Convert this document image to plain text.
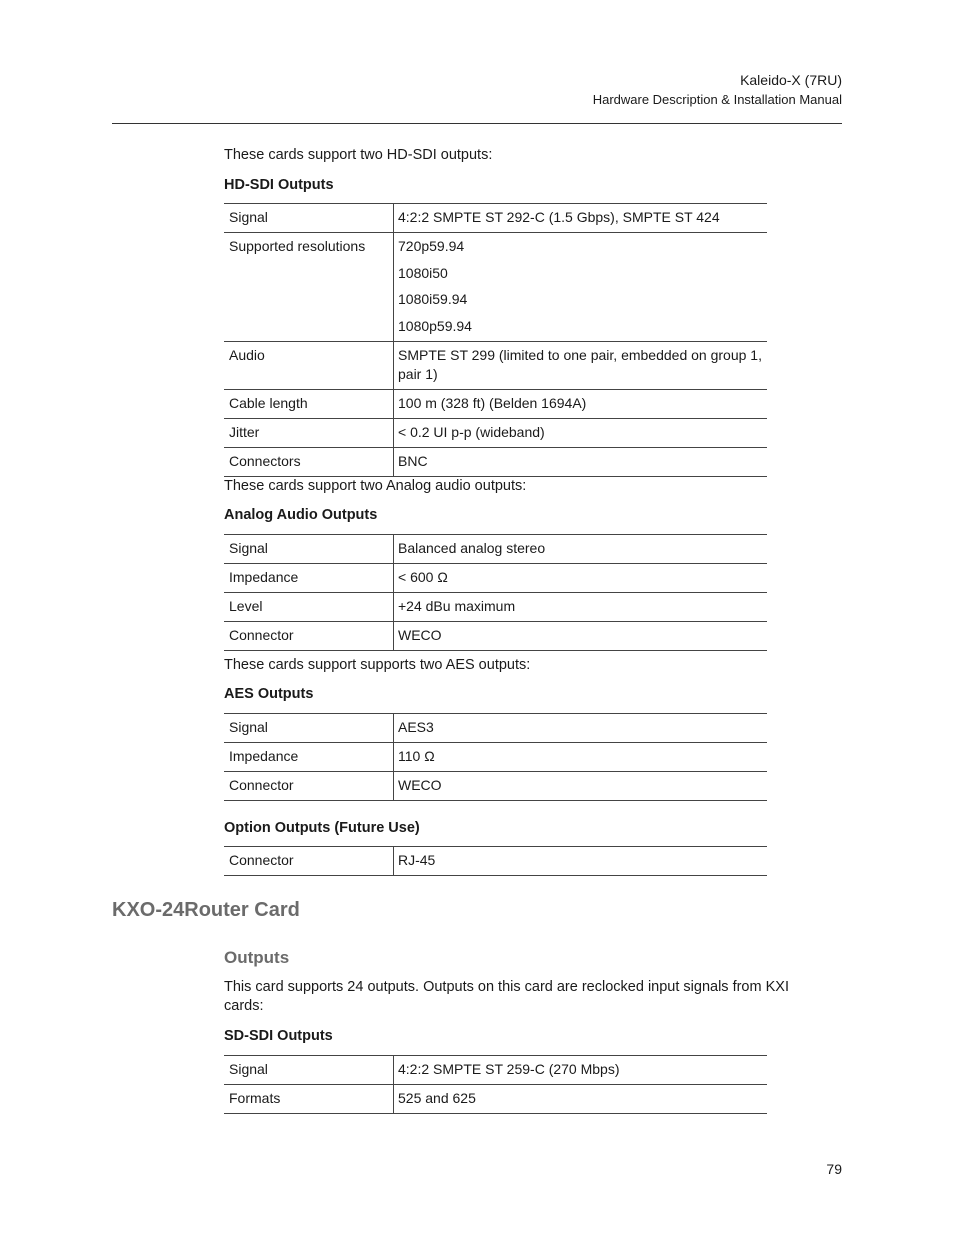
Kaleido-X (7RU)
Hardware Description & Installation Manual
These cards support two HD-SDI outputs:
HD-SDI Outputs
Signal	4:2:2 SMPTE ST 292-C (1.5 Gbps), SMPTE ST 424
Supported resolutions	720p59.94
1080i50
1080i59.94
1080p59.94

Audio	SMPTE ST 299 (limited to one pair, embedded on group 1, pair 1)
Cable length	100 m (328 ft) (Belden 1694A)
Jitter	< 0.2 UI p-p (wideband)
Connectors	BNC
These cards support two Analog audio outputs:
Analog Audio Outputs
Signal	Balanced analog stereo
Impedance	< 600 Ω
Level	+24 dBu maximum
Connector	WECO
These cards support supports two AES outputs:
AES Outputs
Signal	AES3
Impedance	110 Ω
Connector	WECO
Option Outputs (Future Use)
Connector	RJ-45
KXO-24Router Card
Outputs
This card supports 24 outputs. Outputs on this card are reclocked input signals from KXI cards:
SD-SDI Outputs
Signal	4:2:2 SMPTE ST 259-C (270 Mbps)
Formats	525 and 625
79
